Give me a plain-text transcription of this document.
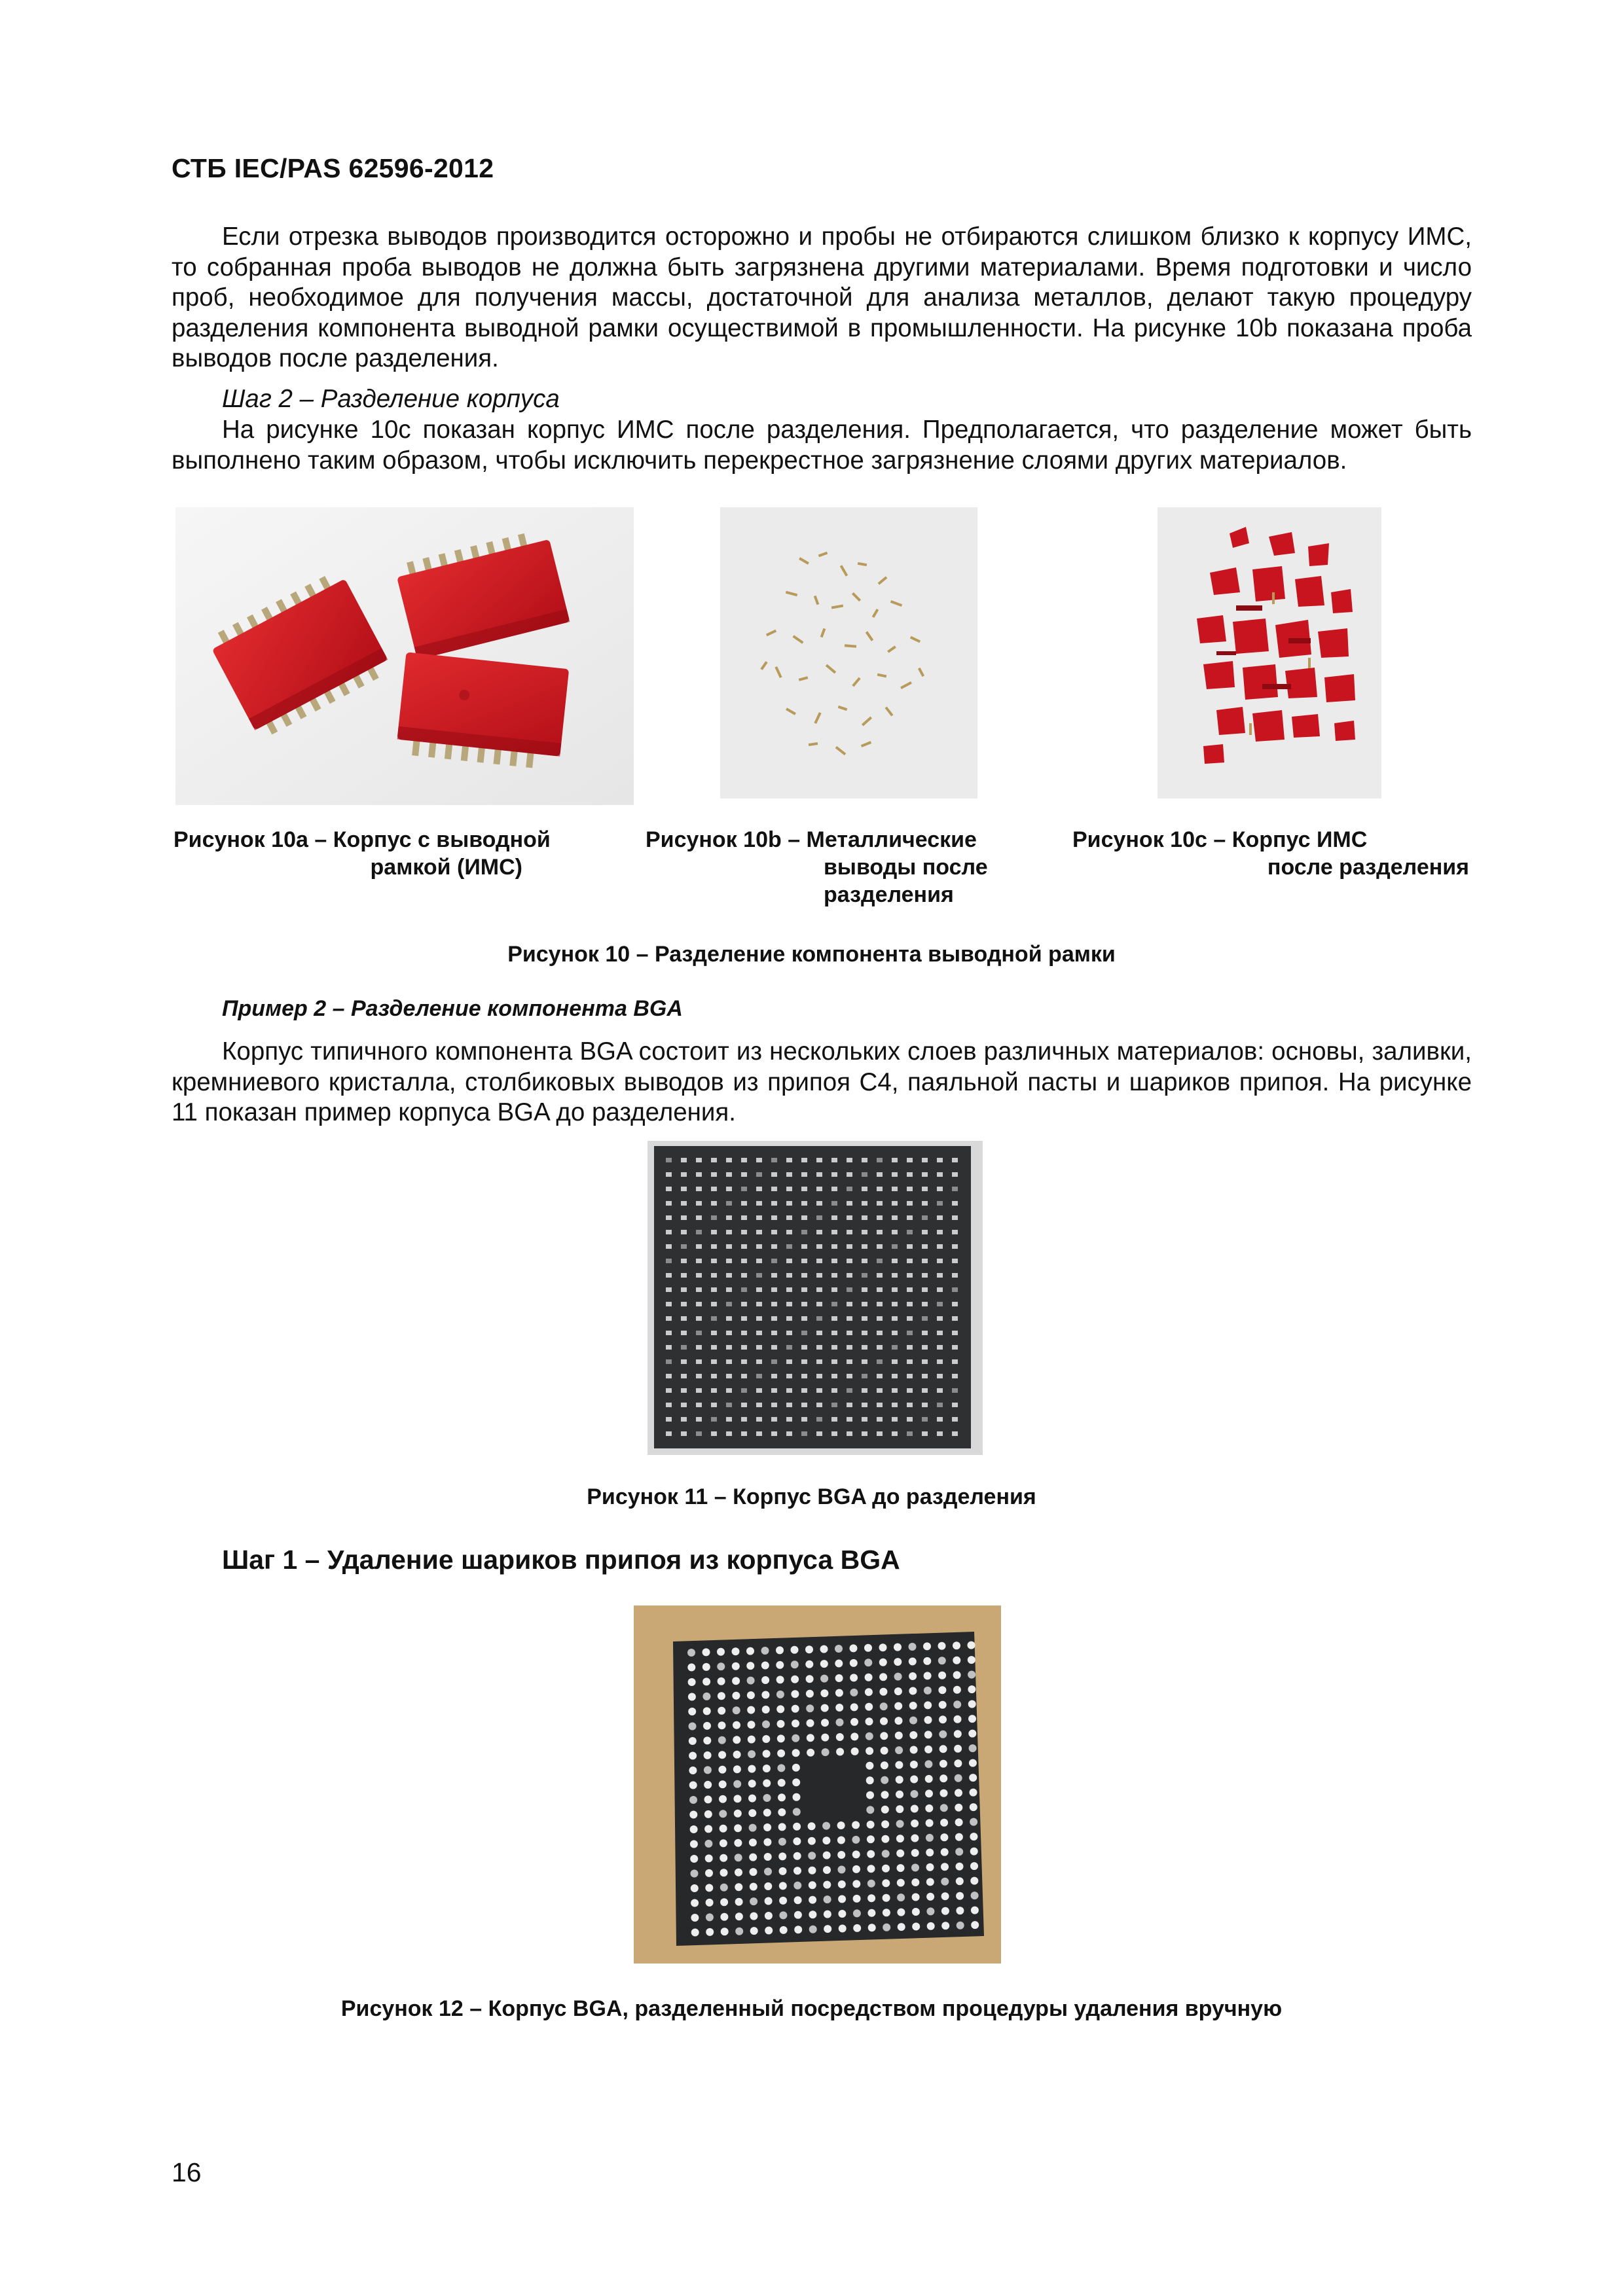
СТБ IEC/PAS 62596-2012

Если отрезка выводов производится осторожно и пробы не отбираются слишком близко к корпусу ИМС, то собранная проба выводов не должна быть загрязнена другими материалами. Время подготовки и число проб, необходимое для получения массы, достаточной для анализа металлов, делают такую процедуру разделения компонента выводной рамки осуществимой в промышленности. На рисунке 10b показана проба выводов после разделения.

Шаг 2 – Разделение корпуса

На рисунке 10c показан корпус ИМС после разделения. Предполагается, что разделение может быть выполнено таким образом, чтобы исключить перекрестное загрязнение слоями других материалов.

Рисунок 10а – Корпус с выводной
рамкой (ИМС)
Рисунок 10b – Металлические
выводы после
разделения
Рисунок 10с – Корпус ИМС
после разделения
Рисунок 10 – Разделение компонента выводной рамки
Пример 2 – Разделение компонента BGA

Корпус типичного компонента BGA состоит из нескольких слоев различных материалов: основы, заливки, кремниевого кристалла, столбиковых выводов из припоя С4, паяльной пасты и шариков припоя. На рисунке 11 показан пример корпуса BGA до разделения.

Рисунок 11 – Корпус BGA до разделения
Шаг 1 – Удаление шариков припоя из корпуса BGA
Рисунок 12 – Корпус BGA, разделенный посредством процедуры удаления вручную
16
